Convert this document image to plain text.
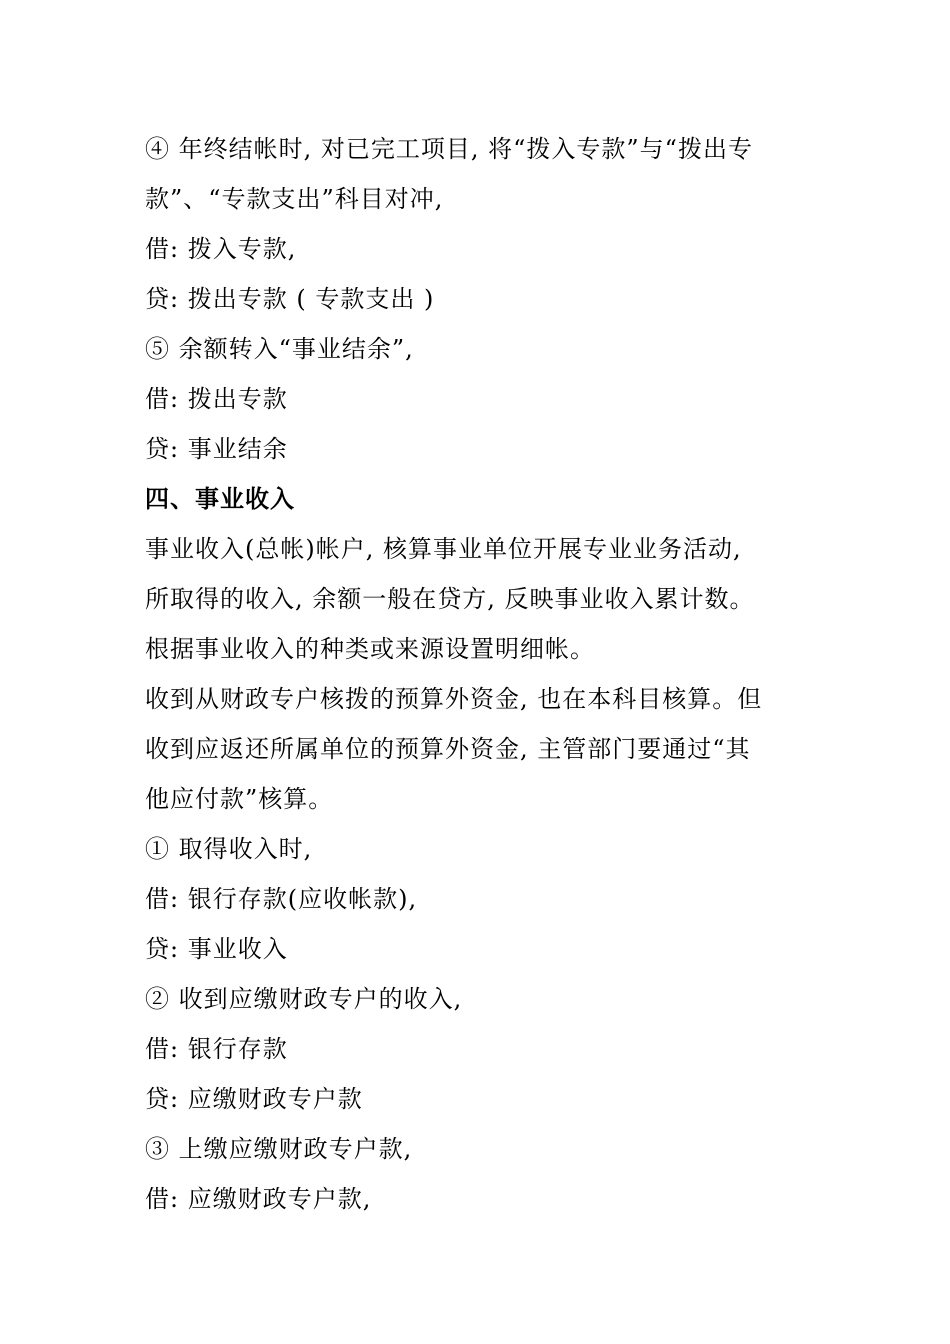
④ 年终结帐时, 对已完工项目, 将“拨入专款”与“拨出专
款”、“专款支出”科目对冲,
借: 拨入专款,
贷: 拨出专款 ( 专款支出 )
⑤ 余额转入“事业结余”,
借: 拨出专款
贷: 事业结余
四、事业收入
事业收入(总帐)帐户, 核算事业单位开展专业业务活动,
所取得的收入, 余额一般在贷方, 反映事业收入累计数。
根据事业收入的种类或来源设置明细帐。
收到从财政专户核拨的预算外资金, 也在本科目核算。但
收到应返还所属单位的预算外资金, 主管部门要通过“其
他应付款”核算。
① 取得收入时,
借: 银行存款(应收帐款),
贷: 事业收入
② 收到应缴财政专户的收入,
借: 银行存款
贷: 应缴财政专户款
③ 上缴应缴财政专户款,
借: 应缴财政专户款,
